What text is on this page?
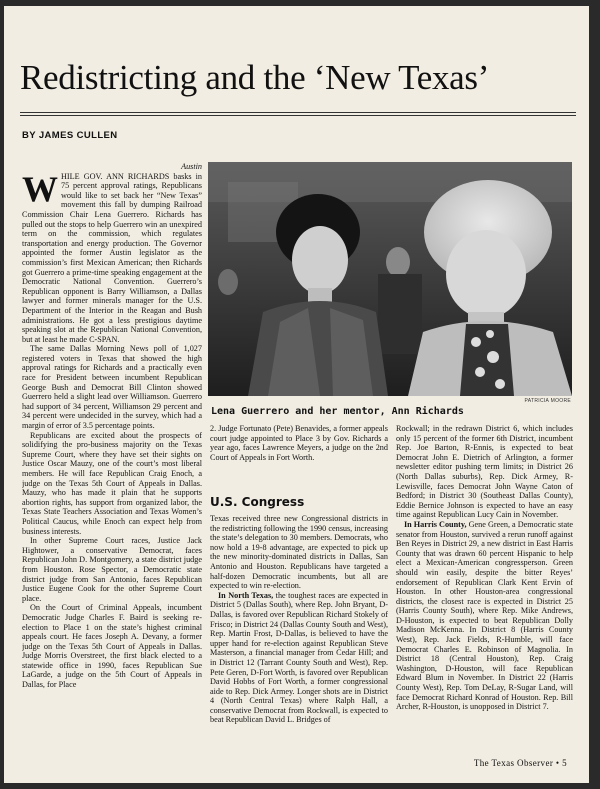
Redistricting and the ‘New Texas’
BY JAMES CULLEN

Austin

W HILE GOV. ANN RICHARDS basks in 75 percent approval ratings, Republicans would like to set back her “New Texas” movement this fall by dumping Railroad Commission Chair Lena Guerrero. Richards has pulled out the stops to help Guerrero win an unexpired term on the commission, which regulates transportation and energy production. The Governor appointed the former Austin legislator as the commission’s first Mexican American; then Richards got Guerrero a prime-time speaking engagement at the Democratic National Convention. Guerrero’s Republican opponent is Barry Williamson, a Dallas lawyer and former minerals manager for the U.S. Department of the Interior in the Reagan and Bush administrations. He got a less prestigious daytime speaking slot at the Republican National Convention, but at least he made C-SPAN.

The same Dallas Morning News poll of 1,027 registered voters in Texas that showed the high approval ratings for Richards and a practically even race for President between incumbent Republican George Bush and Democrat Bill Clinton showed Guerrero held a slight lead over Williamson. Guerrero had support of 34 percent, Williamson 29 percent and 34 percent were undecided in the survey, which had a margin of error of 3.5 percentage points.

Republicans are excited about the prospects of solidifying the pro-business majority on the Texas Supreme Court, where they have set their sights on Justice Oscar Mauzy, one of the court’s most liberal members. He will face Republican Craig Enoch, a judge on the Texas 5th Court of Appeals in Dallas. Mauzy, who has made it plain that he supports abortion rights, has support from organized labor, the Texas State Teachers Association and Texas Women’s Political Caucus, while Enoch can expect help from business interests.

In other Supreme Court races, Justice Jack Hightower, a conservative Democrat, faces Republican John D. Montgomery, a state district judge from Houston. Rose Spector, a Democratic state district judge from San Antonio, faces Republican Justice Eugene Cook for the other Supreme Court place.

On the Court of Criminal Appeals, incumbent Democratic Judge Charles F. Baird is seeking re-election to Place 1 on the state’s highest criminal appeals court. He faces Joseph A. Devany, a former judge on the Texas 5th Court of Appeals in Dallas. Judge Morris Overstreet, the first black elected to a statewide office in 1990, faces Republican Sue LaGarde, a judge on the 5th Court of Appeals in Dallas, for Place

PATRICIA MOORE
Lena Guerrero and her mentor, Ann Richards

2. Judge Fortunato (Pete) Benavides, a former appeals court judge appointed to Place 3 by Gov. Richards a year ago, faces Lawrence Meyers, a judge on the 2nd Court of Appeals in Fort Worth.

U.S. Congress

Texas received three new Congressional districts in the redistricting following the 1990 census, increasing the state’s delegation to 30 members. Democrats, who now hold a 19-8 advantage, are expected to pick up the new minority-dominated districts in Dallas, San Antonio and Houston. Republicans have targeted a half-dozen Democratic incumbents, but all are expected to win re-election.

In North Texas, the toughest races are expected in District 5 (Dallas South), where Rep. John Bryant, D-Dallas, is favored over Republican Richard Stokely of Frisco; in District 24 (Dallas County South and West), Rep. Martin Frost, D-Dallas, is believed to have the upper hand for re-election against Republican Steve Masterson, a financial manager from Cedar Hill; and in District 12 (Tarrant County South and West), Rep. Pete Geren, D-Fort Worth, is favored over Republican David Hobbs of Fort Worth, a former congressional aide to Rep. Dick Armey. Longer shots are in District 4 (North Central Texas) where Ralph Hall, a conservative Democrat from Rockwall, is expected to beat Republican David L. Bridges of

Rockwall; in the redrawn District 6, which includes only 15 percent of the former 6th District, incumbent Rep. Joe Barton, R-Ennis, is expected to beat Democrat John E. Dietrich of Arlington, a former newsletter editor pushing term limits; in District 26 (North Dallas suburbs), Rep. Dick Armey, R-Lewisville, faces Democrat John Wayne Caton of Bedford; in District 30 (Southeast Dallas County), Eddie Bernice Johnson is expected to have an easy time against Republican Lucy Cain in November.

In Harris County, Gene Green, a Democratic state senator from Houston, survived a rerun runoff against Ben Reyes in District 29, a new district in East Harris County that was drawn 60 percent Hispanic to help elect a Mexican-American congressperson. Green should win easily, despite the bitter Reyes’ endorsement of Republican Clark Kent Ervin of Houston. In other Houston-area congressional districts, the closest race is expected in District 25 (Harris County South), where Rep. Mike Andrews, D-Houston, is expected to beat Republican Dolly Madison McKenna. In District 8 (Harris County West), Rep. Jack Fields, R-Humble, will face Democrat Charles E. Robinson of Magnolia. In District 18 (Central Houston), Rep. Craig Washington, D-Houston, will face Republican Edward Blum in November. In District 22 (Harris County West), Rep. Tom DeLay, R-Sugar Land, will face Democrat Richard Konrad of Houston. Rep. Bill Archer, R-Houston, is unopposed in District 7.

The Texas Observer • 5
